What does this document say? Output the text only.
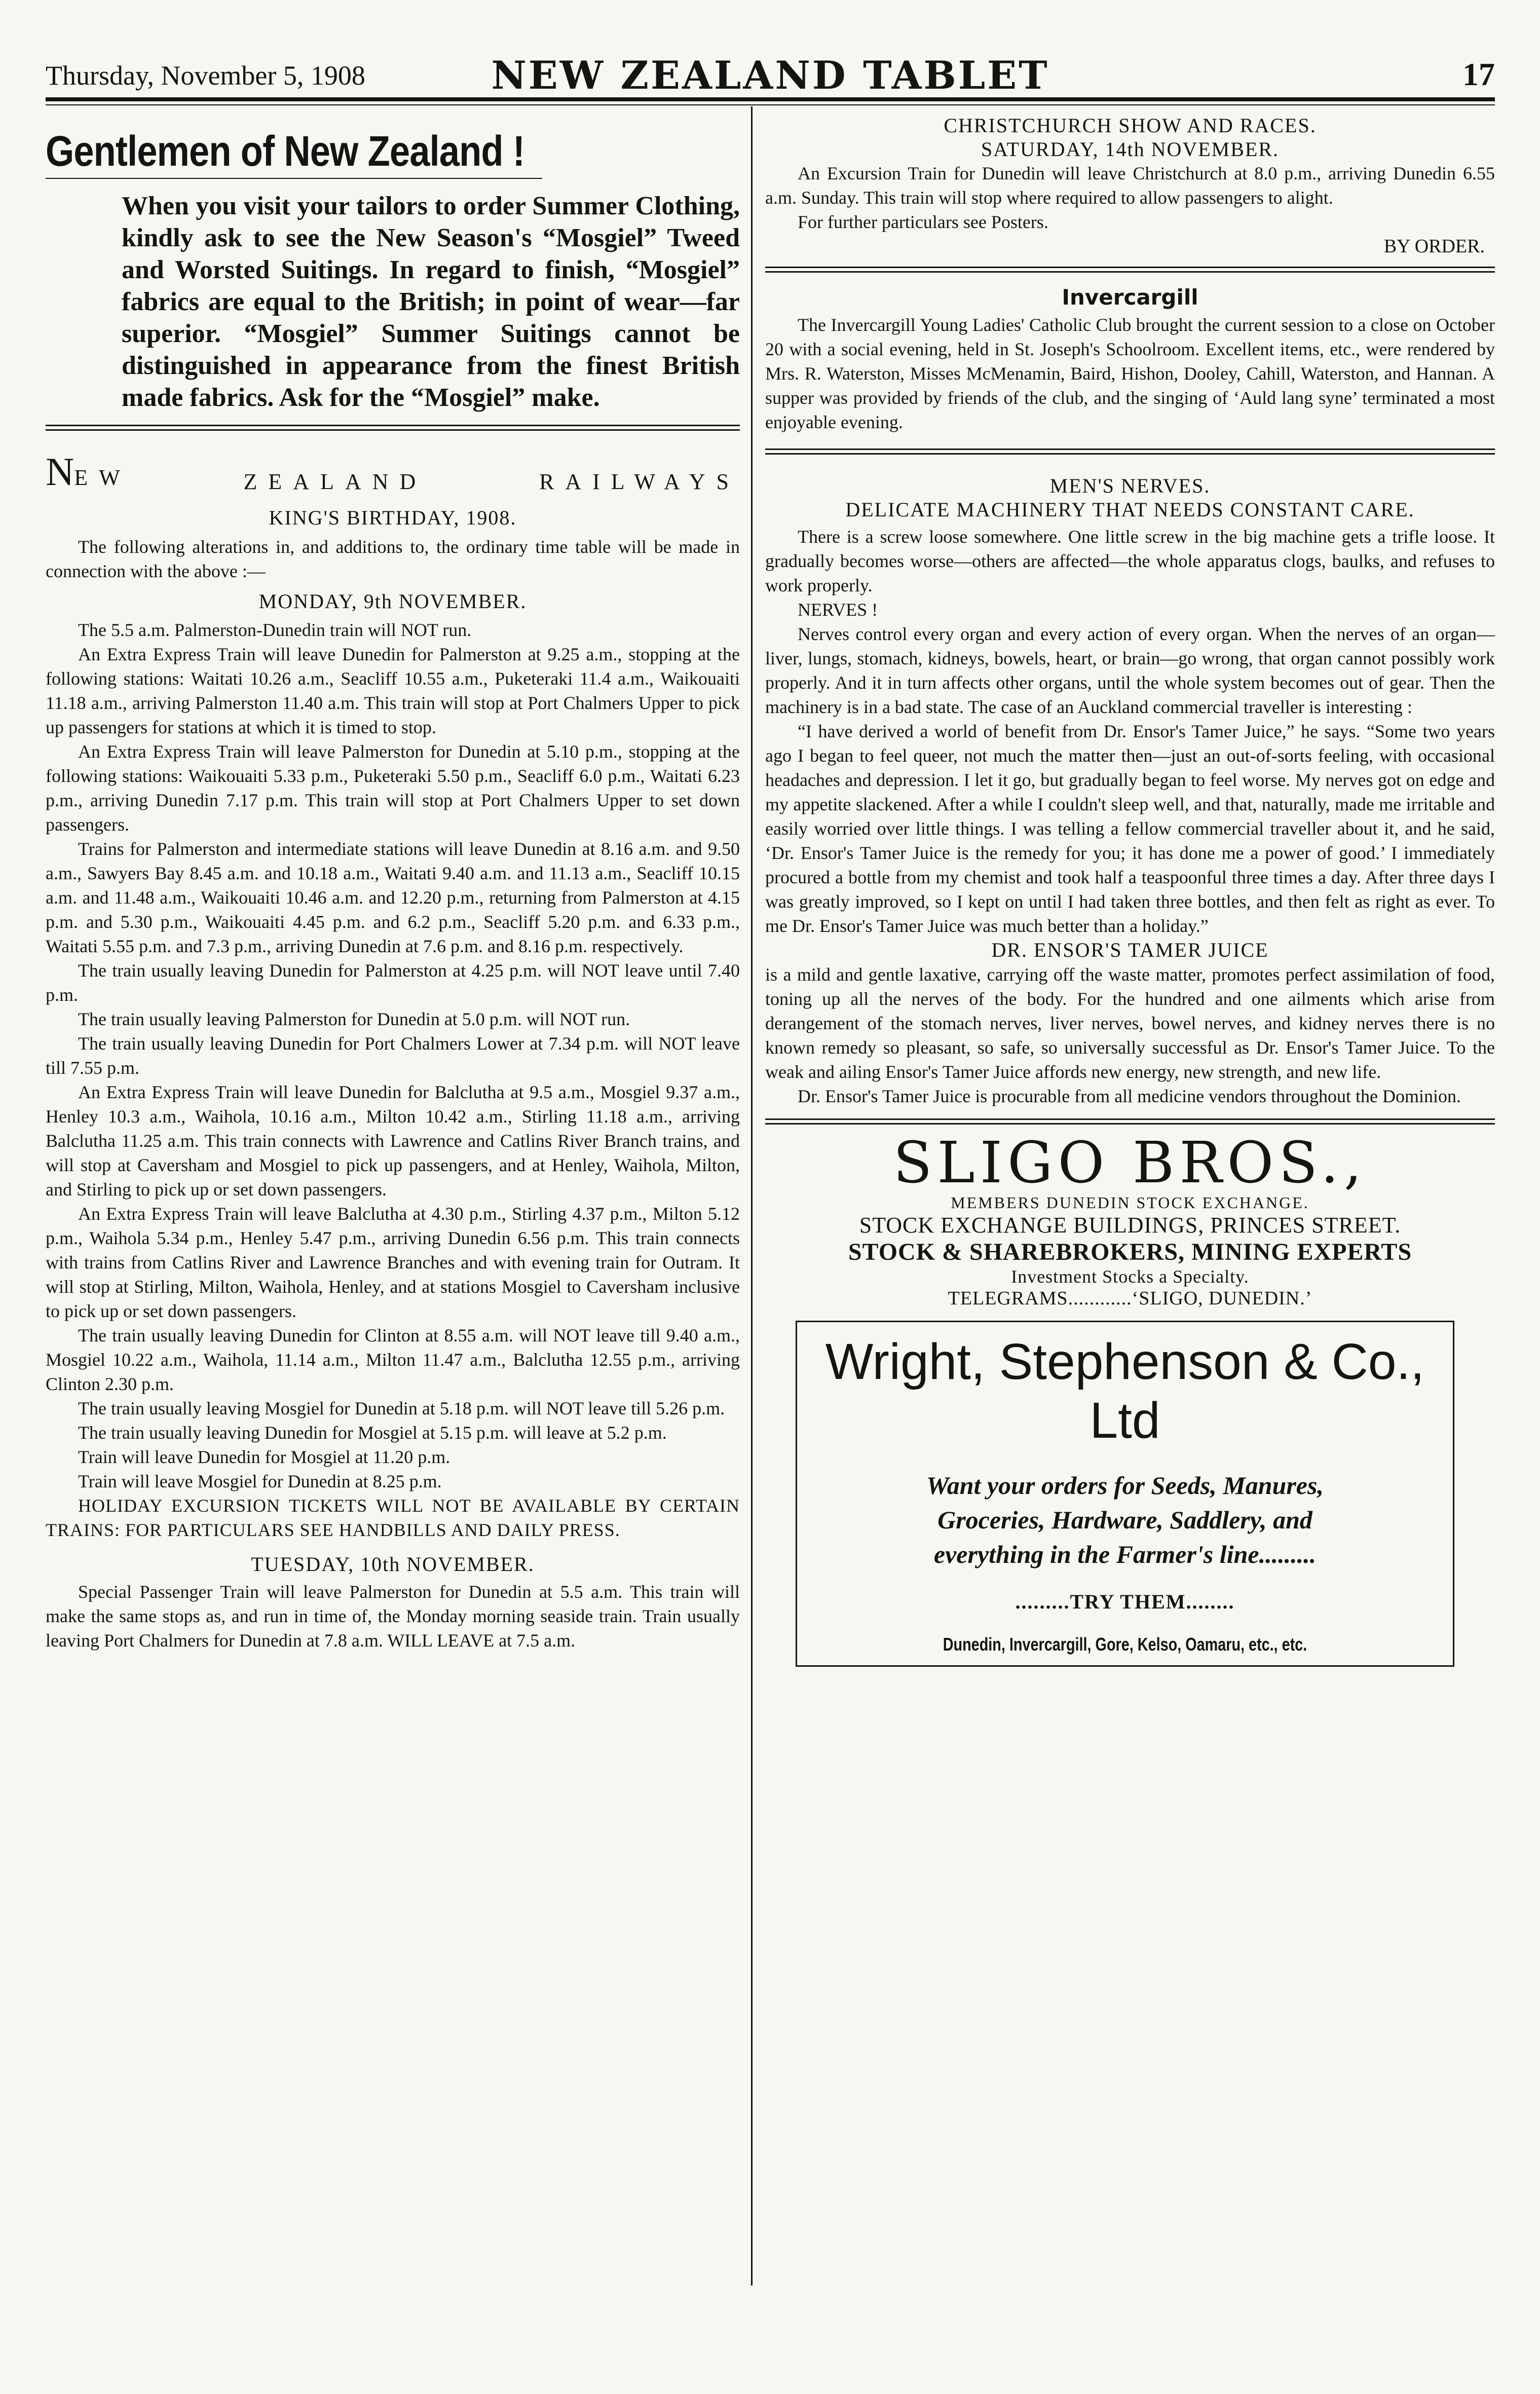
Thursday, November 5, 1908	NEW ZEALAND TABLET	17
Gentlemen of New Zealand !

When you visit your tailors to order Summer Clothing, kindly ask to see the New Season's “Mosgiel” Tweed and Worsted Suitings. In regard to finish, “Mosgiel” fabrics are equal to the British; in point of wear—far superior. “Mosgiel” Summer Suitings cannot be distinguished in appearance from the finest British made fabrics. Ask for the “Mosgiel” make.

NEW	ZEALAND	RAILWAYS

KING'S BIRTHDAY, 1908.

The following alterations in, and additions to, the ordinary time table will be made in connection with the above :—

MONDAY, 9th NOVEMBER.

The 5.5 a.m. Palmerston-Dunedin train will NOT run.

An Extra Express Train will leave Dunedin for Palmerston at 9.25 a.m., stopping at the following stations: Waitati 10.26 a.m., Seacliff 10.55 a.m., Puketeraki 11.4 a.m., Waikouaiti 11.18 a.m., arriving Palmerston 11.40 a.m. This train will stop at Port Chalmers Upper to pick up passengers for stations at which it is timed to stop.

An Extra Express Train will leave Palmerston for Dunedin at 5.10 p.m., stopping at the following stations: Waikouaiti 5.33 p.m., Puketeraki 5.50 p.m., Seacliff 6.0 p.m., Waitati 6.23 p.m., arriving Dunedin 7.17 p.m. This train will stop at Port Chalmers Upper to set down passengers.

Trains for Palmerston and intermediate stations will leave Dunedin at 8.16 a.m. and 9.50 a.m., Sawyers Bay 8.45 a.m. and 10.18 a.m., Waitati 9.40 a.m. and 11.13 a.m., Seacliff 10.15 a.m. and 11.48 a.m., Waikouaiti 10.46 a.m. and 12.20 p.m., returning from Palmerston at 4.15 p.m. and 5.30 p.m., Waikouaiti 4.45 p.m. and 6.2 p.m., Seacliff 5.20 p.m. and 6.33 p.m., Waitati 5.55 p.m. and 7.3 p.m., arriving Dunedin at 7.6 p.m. and 8.16 p.m. respectively.

The train usually leaving Dunedin for Palmerston at 4.25 p.m. will NOT leave until 7.40 p.m.

The train usually leaving Palmerston for Dunedin at 5.0 p.m. will NOT run.

The train usually leaving Dunedin for Port Chalmers Lower at 7.34 p.m. will NOT leave till 7.55 p.m.

An Extra Express Train will leave Dunedin for Balclutha at 9.5 a.m., Mosgiel 9.37 a.m., Henley 10.3 a.m., Waihola, 10.16 a.m., Milton 10.42 a.m., Stirling 11.18 a.m., arriving Balclutha 11.25 a.m. This train connects with Lawrence and Catlins River Branch trains, and will stop at Caversham and Mosgiel to pick up passengers, and at Henley, Waihola, Milton, and Stirling to pick up or set down passengers.

An Extra Express Train will leave Balclutha at 4.30 p.m., Stirling 4.37 p.m., Milton 5.12 p.m., Waihola 5.34 p.m., Henley 5.47 p.m., arriving Dunedin 6.56 p.m. This train connects with trains from Catlins River and Lawrence Branches and with evening train for Outram. It will stop at Stirling, Milton, Waihola, Henley, and at stations Mosgiel to Caversham inclusive to pick up or set down passengers.

The train usually leaving Dunedin for Clinton at 8.55 a.m. will NOT leave till 9.40 a.m., Mosgiel 10.22 a.m., Waihola, 11.14 a.m., Milton 11.47 a.m., Balclutha 12.55 p.m., arriving Clinton 2.30 p.m.

The train usually leaving Mosgiel for Dunedin at 5.18 p.m. will NOT leave till 5.26 p.m.

The train usually leaving Dunedin for Mosgiel at 5.15 p.m. will leave at 5.2 p.m.

Train will leave Dunedin for Mosgiel at 11.20 p.m.

Train will leave Mosgiel for Dunedin at 8.25 p.m.

HOLIDAY EXCURSION TICKETS WILL NOT BE AVAILABLE BY CERTAIN TRAINS: FOR PARTICULARS SEE HANDBILLS AND DAILY PRESS.

TUESDAY, 10th NOVEMBER.

Special Passenger Train will leave Palmerston for Dunedin at 5.5 a.m. This train will make the same stops as, and run in time of, the Monday morning seaside train. Train usually leaving Port Chalmers for Dunedin at 7.8 a.m. WILL LEAVE at 7.5 a.m.

CHRISTCHURCH SHOW AND RACES.

SATURDAY, 14th NOVEMBER.

An Excursion Train for Dunedin will leave Christchurch at 8.0 p.m., arriving Dunedin 6.55 a.m. Sunday. This train will stop where required to allow passengers to alight.

For further particulars see Posters.

BY ORDER.

Invercargill

The Invercargill Young Ladies' Catholic Club brought the current session to a close on October 20 with a social evening, held in St. Joseph's Schoolroom. Excellent items, etc., were rendered by Mrs. R. Waterston, Misses McMenamin, Baird, Hishon, Dooley, Cahill, Waterston, and Hannan. A supper was provided by friends of the club, and the singing of ‘Auld lang syne’ terminated a most enjoyable evening.

MEN'S NERVES.

DELICATE MACHINERY THAT NEEDS CONSTANT CARE.

There is a screw loose somewhere. One little screw in the big machine gets a trifle loose. It gradually becomes worse—others are affected—the whole apparatus clogs, baulks, and refuses to work properly.

NERVES !

Nerves control every organ and every action of every organ. When the nerves of an organ—liver, lungs, stomach, kidneys, bowels, heart, or brain—go wrong, that organ cannot possibly work properly. And it in turn affects other organs, until the whole system becomes out of gear. Then the machinery is in a bad state. The case of an Auckland commercial traveller is interesting :

“I have derived a world of benefit from Dr. Ensor's Tamer Juice,” he says. “Some two years ago I began to feel queer, not much the matter then—just an out-of-sorts feeling, with occasional headaches and depression. I let it go, but gradually began to feel worse. My nerves got on edge and my appetite slackened. After a while I couldn't sleep well, and that, naturally, made me irritable and easily worried over little things. I was telling a fellow commercial traveller about it, and he said, ‘Dr. Ensor's Tamer Juice is the remedy for you; it has done me a power of good.’ I immediately procured a bottle from my chemist and took half a teaspoonful three times a day. After three days I was greatly improved, so I kept on until I had taken three bottles, and then felt as right as ever. To me Dr. Ensor's Tamer Juice was much better than a holiday.”

DR. ENSOR'S TAMER JUICE

is a mild and gentle laxative, carrying off the waste matter, promotes perfect assimilation of food, toning up all the nerves of the body. For the hundred and one ailments which arise from derangement of the stomach nerves, liver nerves, bowel nerves, and kidney nerves there is no known remedy so pleasant, so safe, so universally successful as Dr. Ensor's Tamer Juice. To the weak and ailing Ensor's Tamer Juice affords new energy, new strength, and new life.

Dr. Ensor's Tamer Juice is procurable from all medicine vendors throughout the Dominion.

SLIGO BROS.,

MEMBERS DUNEDIN STOCK EXCHANGE.

STOCK EXCHANGE BUILDINGS, PRINCES STREET.

STOCK & SHAREBROKERS, MINING EXPERTS

Investment Stocks a Specialty.

TELEGRAMS............‘SLIGO, DUNEDIN.’

Wright, Stephenson & Co.,

Ltd

Want your orders for Seeds, Manures,

Groceries, Hardware, Saddlery, and

everything in the Farmer's line.........

.........TRY THEM........

Dunedin, Invercargill, Gore, Kelso, Oamaru, etc., etc.
